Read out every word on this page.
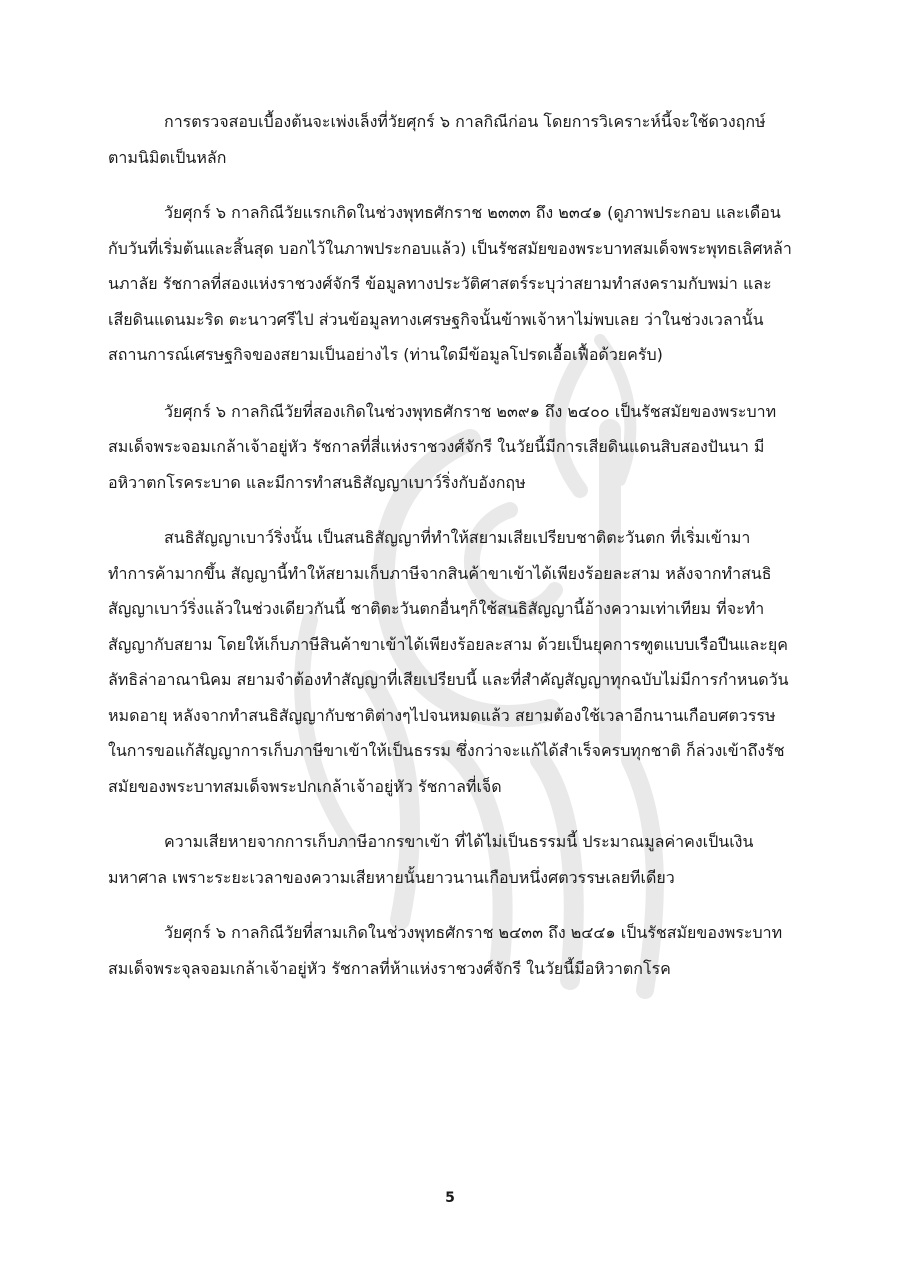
การตรวจสอบเบื้องต้นจะเพ่งเล็งที่วัยศุกร์ ๖ กาลกิณีก่อน โดยการวิเคราะห์นี้จะใช้ดวงฤกษ์ตามนิมิตเป็นหลัก

วัยศุกร์ ๖ กาลกิณีวัยแรกเกิดในช่วงพุทธศักราช ๒๓๓๓ ถึง ๒๓๔๑ (ดูภาพประกอบ และเดือนกับวันที่เริ่มต้นและสิ้นสุด บอกไว้ในภาพประกอบแล้ว) เป็นรัชสมัยของพระบาทสมเด็จพระพุทธเลิศหล้านภาลัย รัชกาลที่สองแห่งราชวงศ์จักรี ข้อมูลทางประวัติศาสตร์ระบุว่าสยามทำสงครามกับพม่า และเสียดินแดนมะริด ตะนาวศรีไป ส่วนข้อมูลทางเศรษฐกิจนั้นข้าพเจ้าหาไม่พบเลย ว่าในช่วงเวลานั้นสถานการณ์เศรษฐกิจของสยามเป็นอย่างไร (ท่านใดมีข้อมูลโปรดเอื้อเฟื้อด้วยครับ)

วัยศุกร์ ๖ กาลกิณีวัยที่สองเกิดในช่วงพุทธศักราช ๒๓๙๑ ถึง ๒๔๐๐ เป็นรัชสมัยของพระบาทสมเด็จพระจอมเกล้าเจ้าอยู่หัว รัชกาลที่สี่แห่งราชวงศ์จักรี ในวัยนี้มีการเสียดินแดนสิบสองปันนา มีอหิวาตกโรคระบาด และมีการทำสนธิสัญญาเบาว์ริ่งกับอังกฤษ

สนธิสัญญาเบาว์ริ่งนั้น เป็นสนธิสัญญาที่ทำให้สยามเสียเปรียบชาติตะวันตก ที่เริ่มเข้ามาทำการค้ามากขึ้น สัญญานี้ทำให้สยามเก็บภาษีจากสินค้าขาเข้าได้เพียงร้อยละสาม หลังจากทำสนธิสัญญาเบาว์ริ่งแล้วในช่วงเดียวกันนี้ ชาติตะวันตกอื่นๆก็ใช้สนธิสัญญานี้อ้างความเท่าเทียม ที่จะทำสัญญากับสยาม โดยให้เก็บภาษีสินค้าขาเข้าได้เพียงร้อยละสาม ด้วยเป็นยุคการฑูตแบบเรือปืนและยุคลัทธิล่าอาณานิคม สยามจำต้องทำสัญญาที่เสียเปรียบนี้ และที่สำคัญสัญญาทุกฉบับไม่มีการกำหนดวันหมดอายุ หลังจากทำสนธิสัญญากับชาติต่างๆไปจนหมดแล้ว สยามต้องใช้เวลาอีกนานเกือบศตวรรษ ในการขอแก้สัญญาการเก็บภาษีขาเข้าให้เป็นธรรม ซึ่งกว่าจะแก้ได้สำเร็จครบทุกชาติ ก็ล่วงเข้าถึงรัชสมัยของพระบาทสมเด็จพระปกเกล้าเจ้าอยู่หัว รัชกาลที่เจ็ด

ความเสียหายจากการเก็บภาษีอากรขาเข้า ที่ได้ไม่เป็นธรรมนี้ ประมาณมูลค่าคงเป็นเงินมหาศาล เพราะระยะเวลาของความเสียหายนั้นยาวนานเกือบหนึ่งศตวรรษเลยทีเดียว

วัยศุกร์ ๖ กาลกิณีวัยที่สามเกิดในช่วงพุทธศักราช ๒๔๓๓ ถึง ๒๔๔๑ เป็นรัชสมัยของพระบาทสมเด็จพระจุลจอมเกล้าเจ้าอยู่หัว รัชกาลที่ห้าแห่งราชวงศ์จักรี ในวัยนี้มีอหิวาตกโรค

5
